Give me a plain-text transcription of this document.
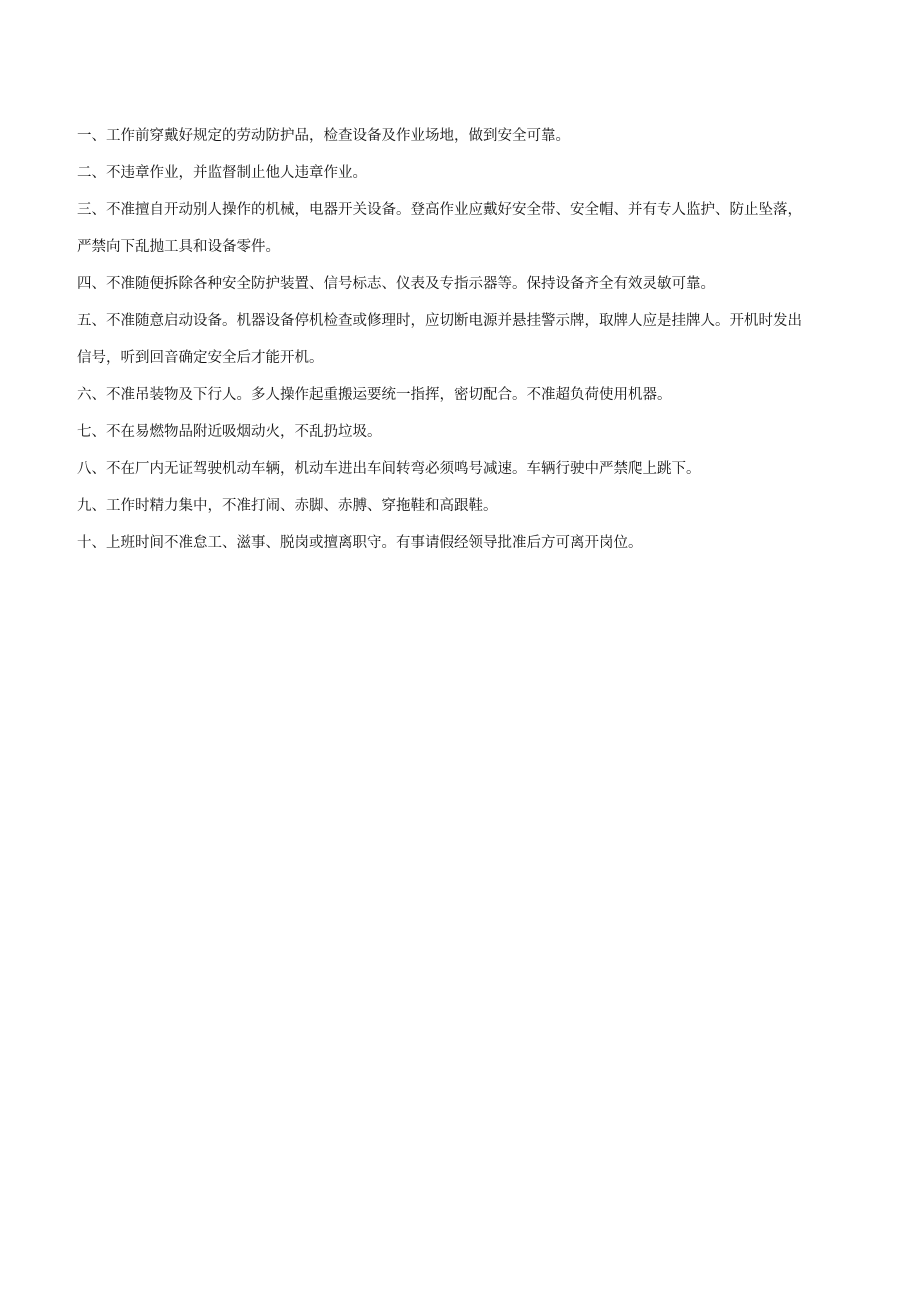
一、工作前穿戴好规定的劳动防护品，检查设备及作业场地，做到安全可靠。
二、不违章作业，并监督制止他人违章作业。
三、不准擅自开动别人操作的机械，电器开关设备。登高作业应戴好安全带、安全帽、并有专人监护、防止坠落，
严禁向下乱抛工具和设备零件。
四、不准随便拆除各种安全防护装置、信号标志、仪表及专指示器等。保持设备齐全有效灵敏可靠。
五、不准随意启动设备。机器设备停机检查或修理时，应切断电源并悬挂警示牌，取牌人应是挂牌人。开机时发出
信号，听到回音确定安全后才能开机。
六、不准吊装物及下行人。多人操作起重搬运要统一指挥，密切配合。不准超负荷使用机器。
七、不在易燃物品附近吸烟动火，不乱扔垃圾。
八、不在厂内无证驾驶机动车辆，机动车进出车间转弯必须鸣号减速。车辆行驶中严禁爬上跳下。
九、工作时精力集中，不准打闹、赤脚、赤膊、穿拖鞋和高跟鞋。
十、上班时间不准怠工、滋事、脱岗或擅离职守。有事请假经领导批准后方可离开岗位。
